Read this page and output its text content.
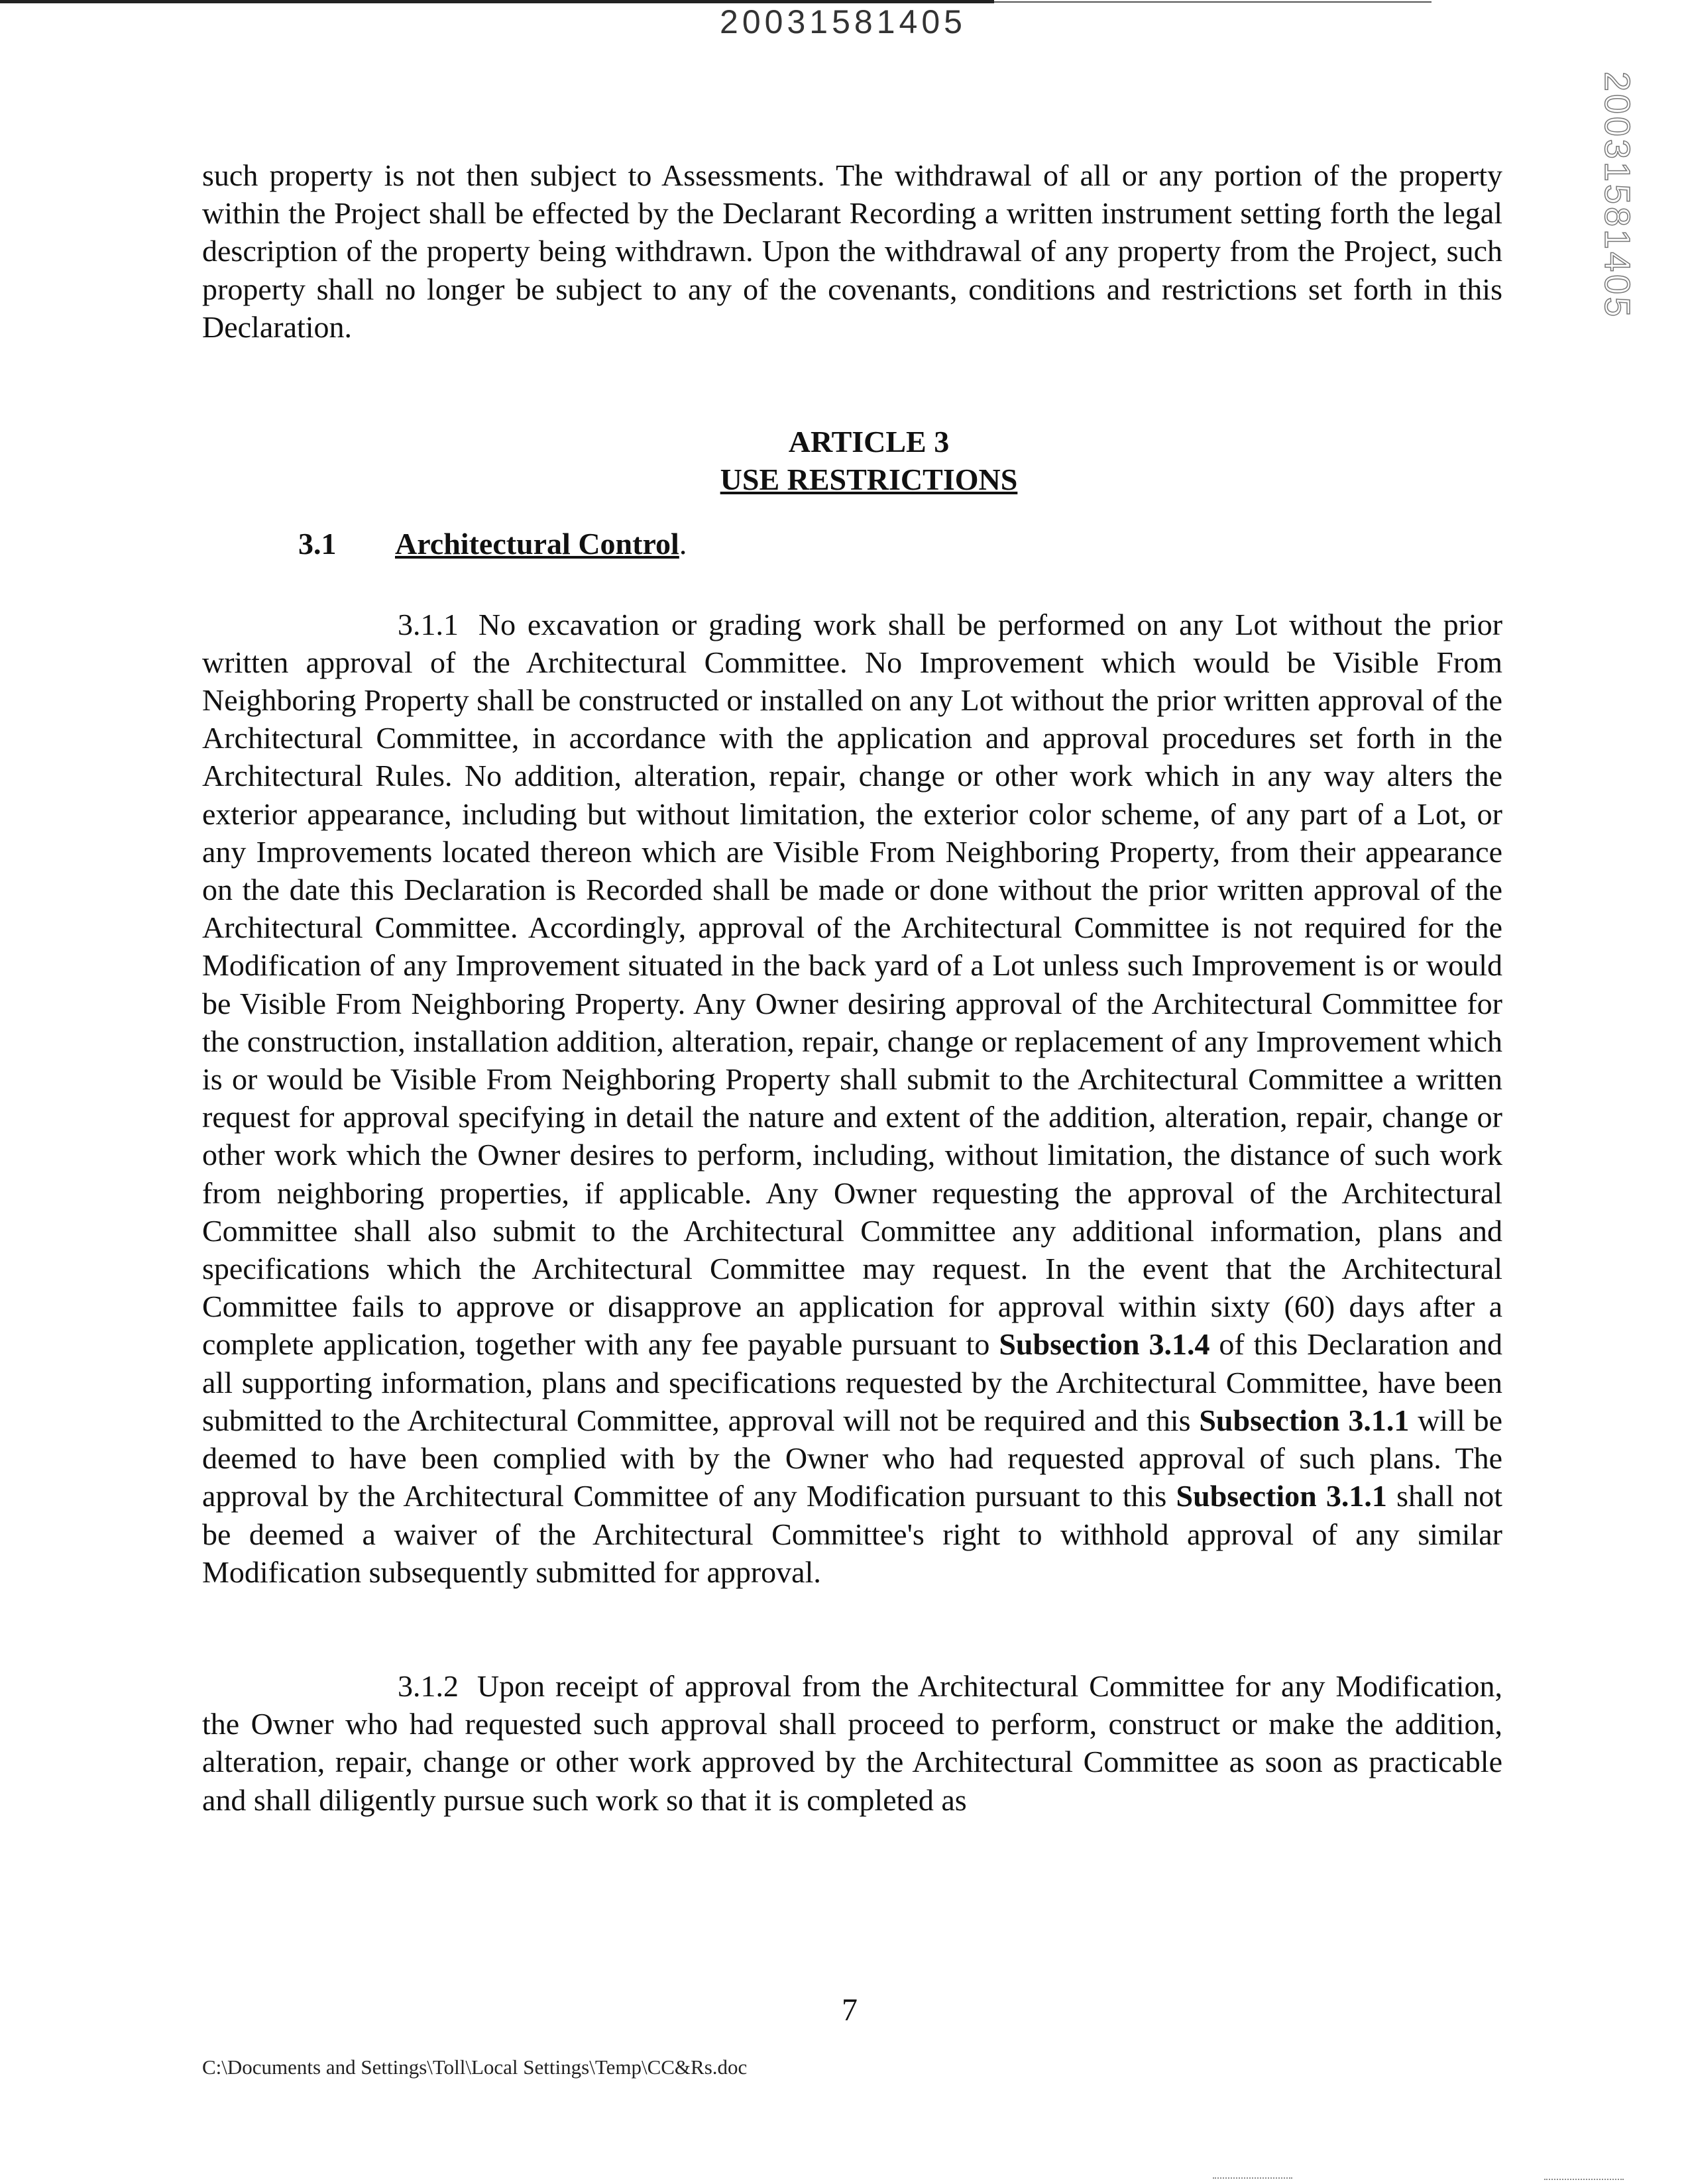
20031581405
20031581405

such property is not then subject to Assessments. The withdrawal of all or any portion of the property within the Project shall be effected by the Declarant Recording a written instrument setting forth the legal description of the property being withdrawn. Upon the withdrawal of any property from the Project, such property shall no longer be subject to any of the covenants, conditions and restrictions set forth in this Declaration.

ARTICLE 3
USE RESTRICTIONS
3.1 Architectural Control.

3.1.1 No excavation or grading work shall be performed on any Lot without the prior written approval of the Architectural Committee. No Improvement which would be Visible From Neighboring Property shall be constructed or installed on any Lot without the prior written approval of the Architectural Committee, in accordance with the application and approval procedures set forth in the Architectural Rules. No addition, alteration, repair, change or other work which in any way alters the exterior appearance, including but without limitation, the exterior color scheme, of any part of a Lot, or any Improvements located thereon which are Visible From Neighboring Property, from their appearance on the date this Declaration is Recorded shall be made or done without the prior written approval of the Architectural Committee. Accordingly, approval of the Architectural Committee is not required for the Modification of any Improvement situated in the back yard of a Lot unless such Improvement is or would be Visible From Neighboring Property. Any Owner desiring approval of the Architectural Committee for the construction, installation addition, alteration, repair, change or replacement of any Improvement which is or would be Visible From Neighboring Property shall submit to the Architectural Committee a written request for approval specifying in detail the nature and extent of the addition, alteration, repair, change or other work which the Owner desires to perform, including, without limitation, the distance of such work from neighboring properties, if applicable. Any Owner requesting the approval of the Architectural Committee shall also submit to the Architectural Committee any additional information, plans and specifications which the Architectural Committee may request. In the event that the Architectural Committee fails to approve or disapprove an application for approval within sixty (60) days after a complete application, together with any fee payable pursuant to Subsection 3.1.4 of this Declaration and all supporting information, plans and specifications requested by the Architectural Committee, have been submitted to the Architectural Committee, approval will not be required and this Subsection 3.1.1 will be deemed to have been complied with by the Owner who had requested approval of such plans. The approval by the Architectural Committee of any Modification pursuant to this Subsection 3.1.1 shall not be deemed a waiver of the Architectural Committee's right to withhold approval of any similar Modification subsequently submitted for approval.

3.1.2 Upon receipt of approval from the Architectural Committee for any Modification, the Owner who had requested such approval shall proceed to perform, construct or make the addition, alteration, repair, change or other work approved by the Architectural Committee as soon as practicable and shall diligently pursue such work so that it is completed as

7
C:\Documents and Settings\Toll\Local Settings\Temp\CC&Rs.doc
